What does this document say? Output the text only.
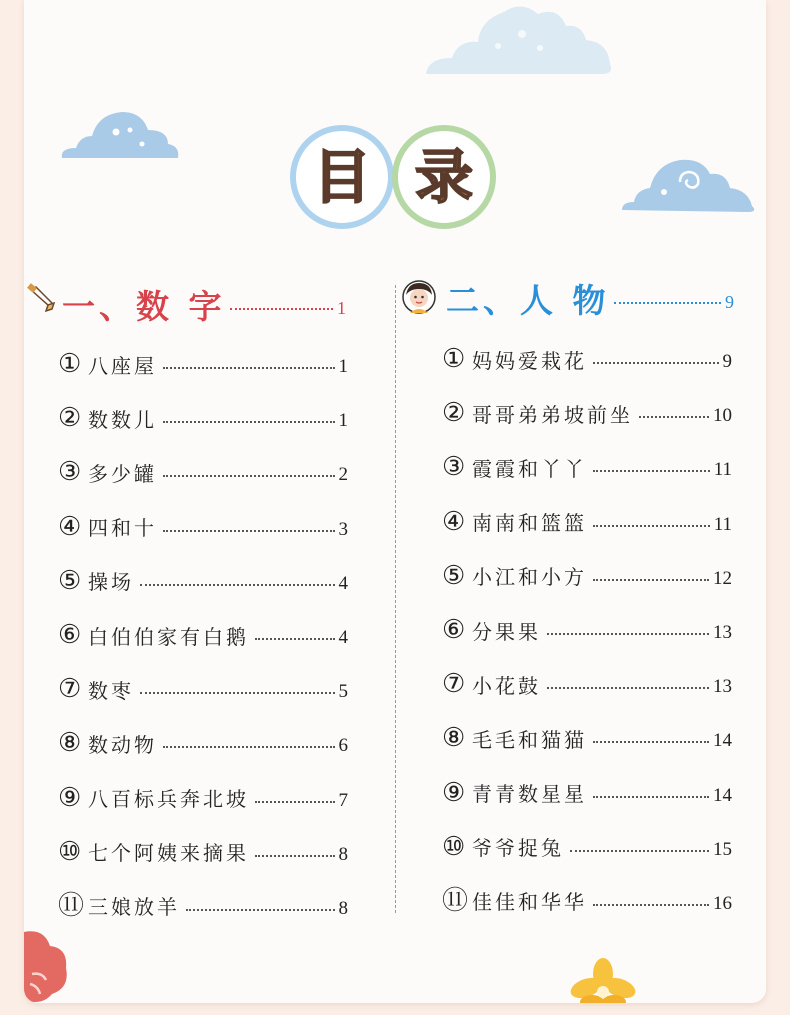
目 录
一、数 字	1	二、人 物	9
① 八座屋	1
② 数数儿	1
③ 多少罐	2
④ 四和十	3
⑤ 操场	4
⑥ 白伯伯家有白鹅	4
⑦ 数枣	5
⑧ 数动物	6
⑨ 八百标兵奔北坡	7
⑩ 七个阿姨来摘果	8
⑪ 三娘放羊	8
① 妈妈爱栽花	9
② 哥哥弟弟坡前坐	10
③ 霞霞和丫丫	11
④ 南南和篮篮	11
⑤ 小江和小方	12
⑥ 分果果	13
⑦ 小花鼓	13
⑧ 毛毛和猫猫	14
⑨ 青青数星星	14
⑩ 爷爷捉兔	15
⑪ 佳佳和华华	16
